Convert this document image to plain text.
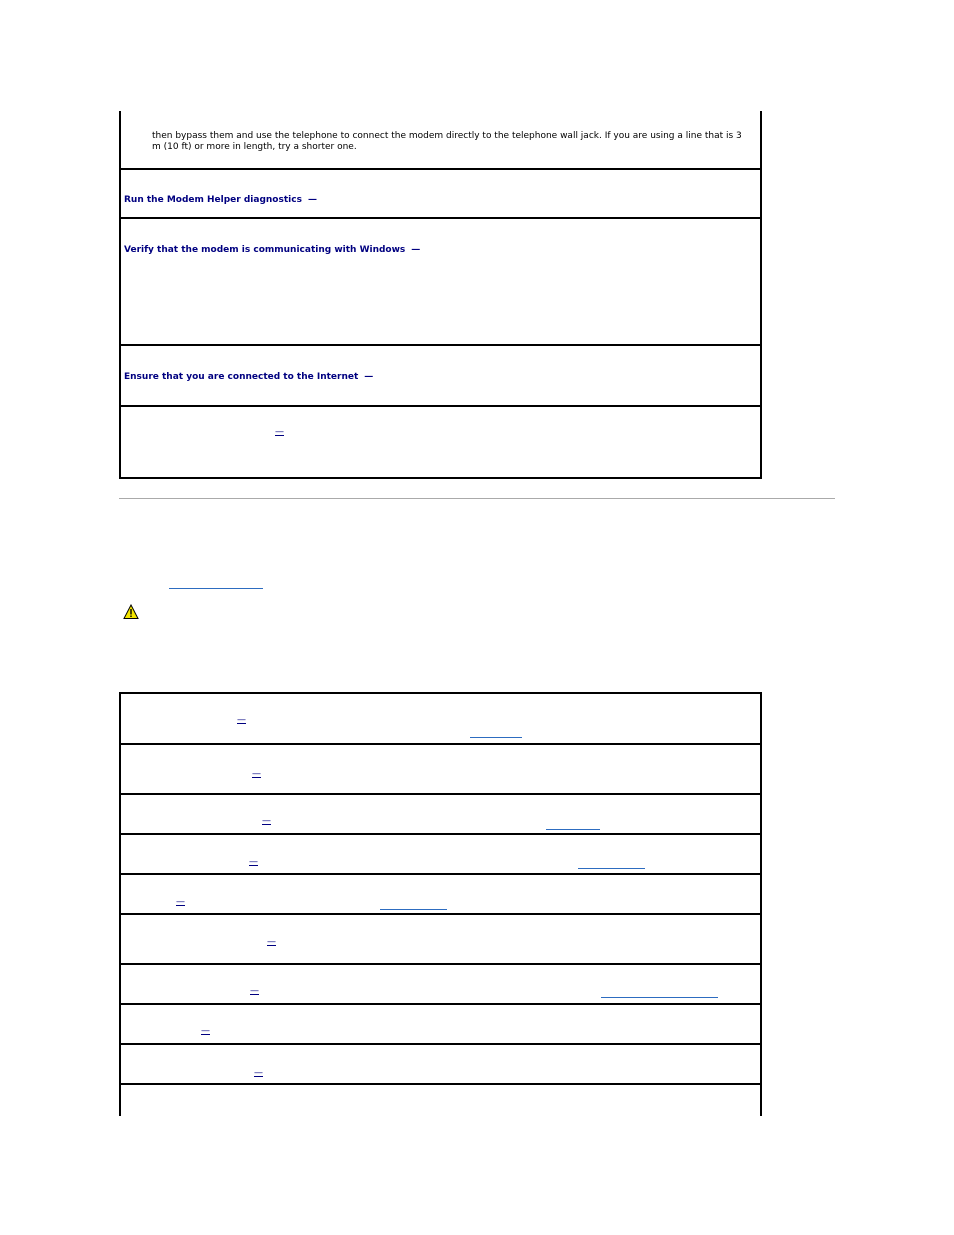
then bypass them and use the telephone to connect the modem directly to the telephone wall jack. If you are using a line that is 3 m (10 ft) or more in length, try a shorter one.
Run the Modem Helper diagnostics —
Verify that the modem is communicating with Windows —
Ensure that you are connected to the Internet —
—
—
—
—
—
—
—
—
—
—
